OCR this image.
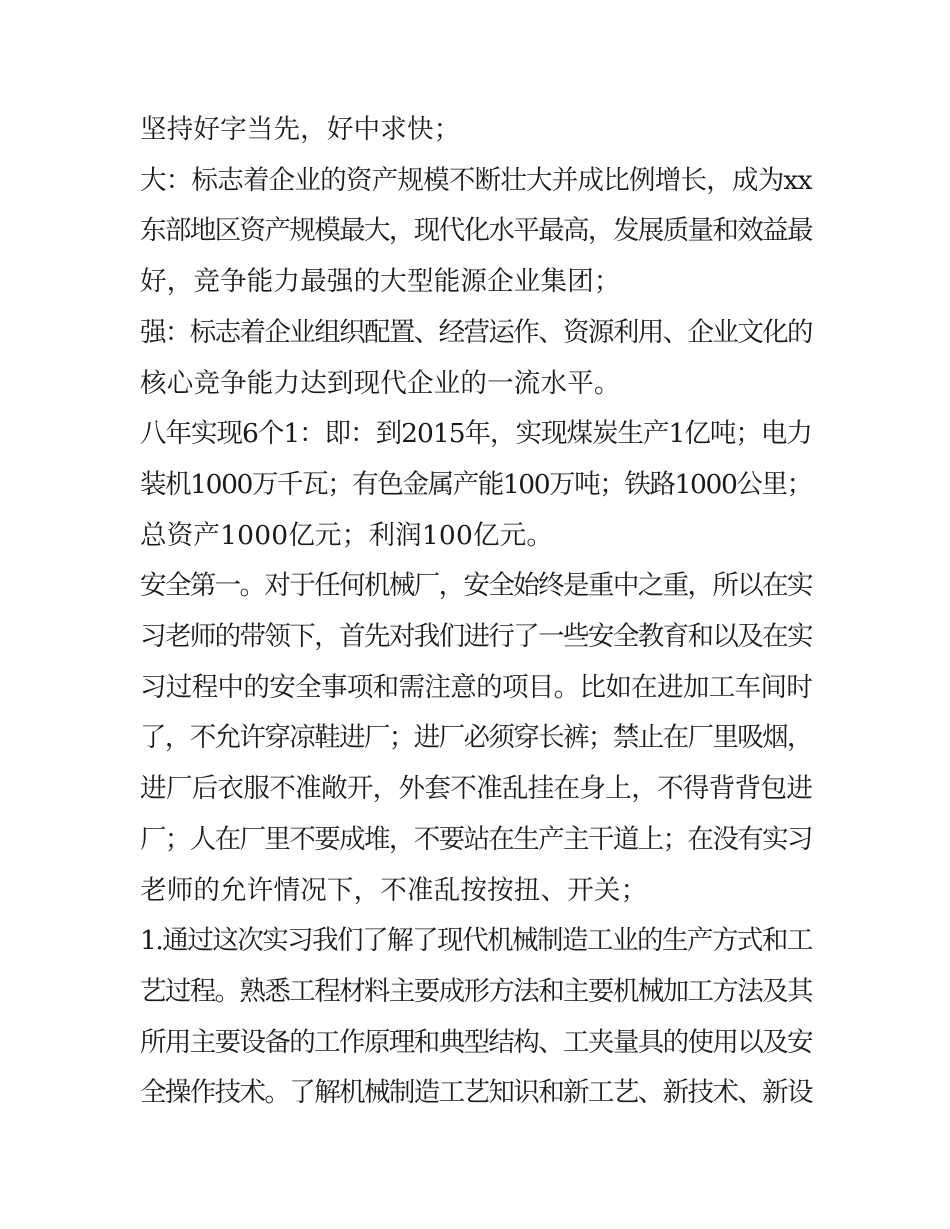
坚持好字当先，好中求快；
大：标志着企业的资产规模不断壮大并成比例增长，成为xx
东部地区资产规模最大，现代化水平最高，发展质量和效益最
好，竞争能力最强的大型能源企业集团；
强：标志着企业组织配置、经营运作、资源利用、企业文化的
核心竞争能力达到现代企业的一流水平。
八年实现6个1：即：到2015年，实现煤炭生产1亿吨；电力
装机1000万千瓦；有色金属产能100万吨；铁路1000公里；
总资产1000亿元；利润100亿元。
安全第一。对于任何机械厂，安全始终是重中之重，所以在实
习老师的带领下，首先对我们进行了一些安全教育和以及在实
习过程中的安全事项和需注意的项目。比如在进加工车间时
了，不允许穿凉鞋进厂；进厂必须穿长裤；禁止在厂里吸烟，
进厂后衣服不准敞开，外套不准乱挂在身上，不得背背包进
厂；人在厂里不要成堆，不要站在生产主干道上；在没有实习
老师的允许情况下，不准乱按按扭、开关；
1.通过这次实习我们了解了现代机械制造工业的生产方式和工
艺过程。熟悉工程材料主要成形方法和主要机械加工方法及其
所用主要设备的工作原理和典型结构、工夹量具的使用以及安
全操作技术。了解机械制造工艺知识和新工艺、新技术、新设
